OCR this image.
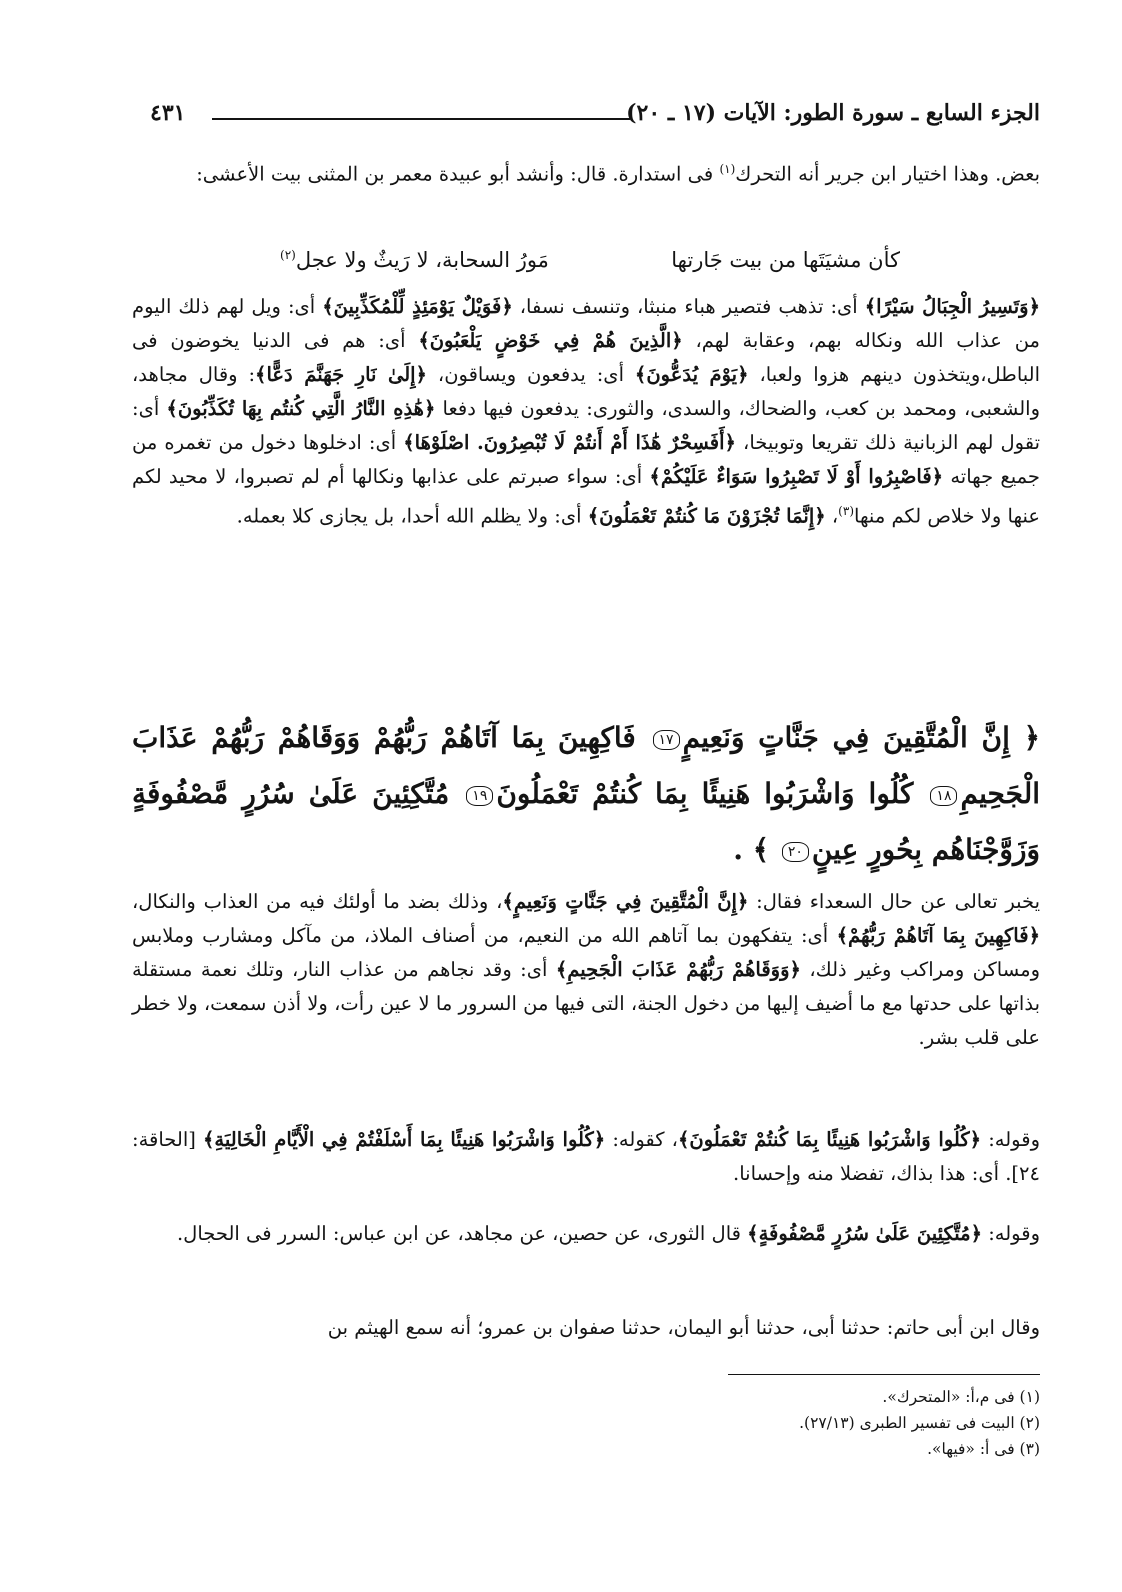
الجزء السابع ـ سورة الطور: الآيات (١٧ ـ ٢٠)
٤٣١

بعض. وهذا اختيار ابن جرير أنه التحرك$^{(١)}$ فى استدارة. قال: وأنشد أبو عبيدة معمر بن المثنى بيت الأعشى:

كأن مشيَتَها من بيت جَارتها
مَورُ السحابة، لا رَيثٌ ولا عجل$^{(٢)}$

﴿وَتَسِيرُ الْجِبَالُ سَيْرًا﴾ أى: تذهب فتصير هباء منبثا، وتنسف نسفا، ﴿فَوَيْلٌ يَوْمَئِذٍ لِّلْمُكَذِّبِينَ﴾ أى: ويل لهم ذلك اليوم من عذاب الله ونكاله بهم، وعقابة لهم، ﴿الَّذِينَ هُمْ فِي خَوْضٍ يَلْعَبُونَ﴾ أى: هم فى الدنيا يخوضون فى الباطل،ويتخذون دينهم هزوا ولعبا، ﴿يَوْمَ يُدَعُّونَ﴾ أى: يدفعون ويساقون، ﴿إِلَىٰ نَارِ جَهَنَّمَ دَعًّا﴾: وقال مجاهد، والشعبى، ومحمد بن كعب، والضحاك، والسدى، والثورى: يدفعون فيها دفعا ﴿هَٰذِهِ النَّارُ الَّتِي كُنتُم بِهَا تُكَذِّبُونَ﴾ أى: تقول لهم الزبانية ذلك تقريعا وتوبيخا، ﴿أَفَسِحْرٌ هَٰذَا أَمْ أَنتُمْ لَا تُبْصِرُونَ. اصْلَوْهَا﴾ أى: ادخلوها دخول من تغمره من جميع جهاته ﴿فَاصْبِرُوا أَوْ لَا تَصْبِرُوا سَوَاءٌ عَلَيْكُمْ﴾ أى: سواء صبرتم على عذابها ونكالها أم لم تصبروا، لا محيد لكم عنها ولا خلاص لكم منها$^{(٣)}$، ﴿إِنَّمَا تُجْزَوْنَ مَا كُنتُمْ تَعْمَلُونَ﴾ أى: ولا يظلم الله أحدا، بل يجازى كلا بعمله.

﴿ إِنَّ الْمُتَّقِينَ فِي جَنَّاتٍ وَنَعِيمٍ١٧ فَاكِهِينَ بِمَا آتَاهُمْ رَبُّهُمْ وَوَقَاهُمْ رَبُّهُمْ عَذَابَ الْجَحِيمِ١٨ كُلُوا وَاشْرَبُوا هَنِيئًا بِمَا كُنتُمْ تَعْمَلُونَ١٩ مُتَّكِئِينَ عَلَىٰ سُرُرٍ مَّصْفُوفَةٍ وَزَوَّجْنَاهُم بِحُورٍ عِينٍ٢٠ ﴾ .
يخبر تعالى عن حال السعداء فقال: ﴿إِنَّ الْمُتَّقِينَ فِي جَنَّاتٍ وَنَعِيمٍ﴾، وذلك بضد ما أولئك فيه من العذاب والنكال، ﴿فَاكِهِينَ بِمَا آتَاهُمْ رَبُّهُمْ﴾ أى: يتفكهون بما آتاهم الله من النعيم، من أصناف الملاذ، من مآكل ومشارب وملابس ومساكن ومراكب وغير ذلك، ﴿وَوَقَاهُمْ رَبُّهُمْ عَذَابَ الْجَحِيمِ﴾ أى: وقد نجاهم من عذاب النار، وتلك نعمة مستقلة بذاتها على حدتها مع ما أضيف إليها من دخول الجنة، التى فيها من السرور ما لا عين رأت، ولا أذن سمعت، ولا خطر على قلب بشر.
وقوله: ﴿كُلُوا وَاشْرَبُوا هَنِيئًا بِمَا كُنتُمْ تَعْمَلُونَ﴾، كقوله: ﴿كُلُوا وَاشْرَبُوا هَنِيئًا بِمَا أَسْلَفْتُمْ فِي الْأَيَّامِ الْخَالِيَةِ﴾ [الحاقة: ٢٤]. أى: هذا بذاك، تفضلا منه وإحسانا.
وقوله: ﴿مُتَّكِئِينَ عَلَىٰ سُرُرٍ مَّصْفُوفَةٍ﴾ قال الثورى، عن حصين، عن مجاهد، عن ابن عباس: السرر فى الحجال.
وقال ابن أبى حاتم: حدثنا أبى، حدثنا أبو اليمان، حدثنا صفوان بن عمرو؛ أنه سمع الهيثم بن
(١) فى م،أ: «المتحرك».
(٢) البيت فى تفسير الطبرى (٢٧/١٣).
(٣) فى أ: «فيها».
